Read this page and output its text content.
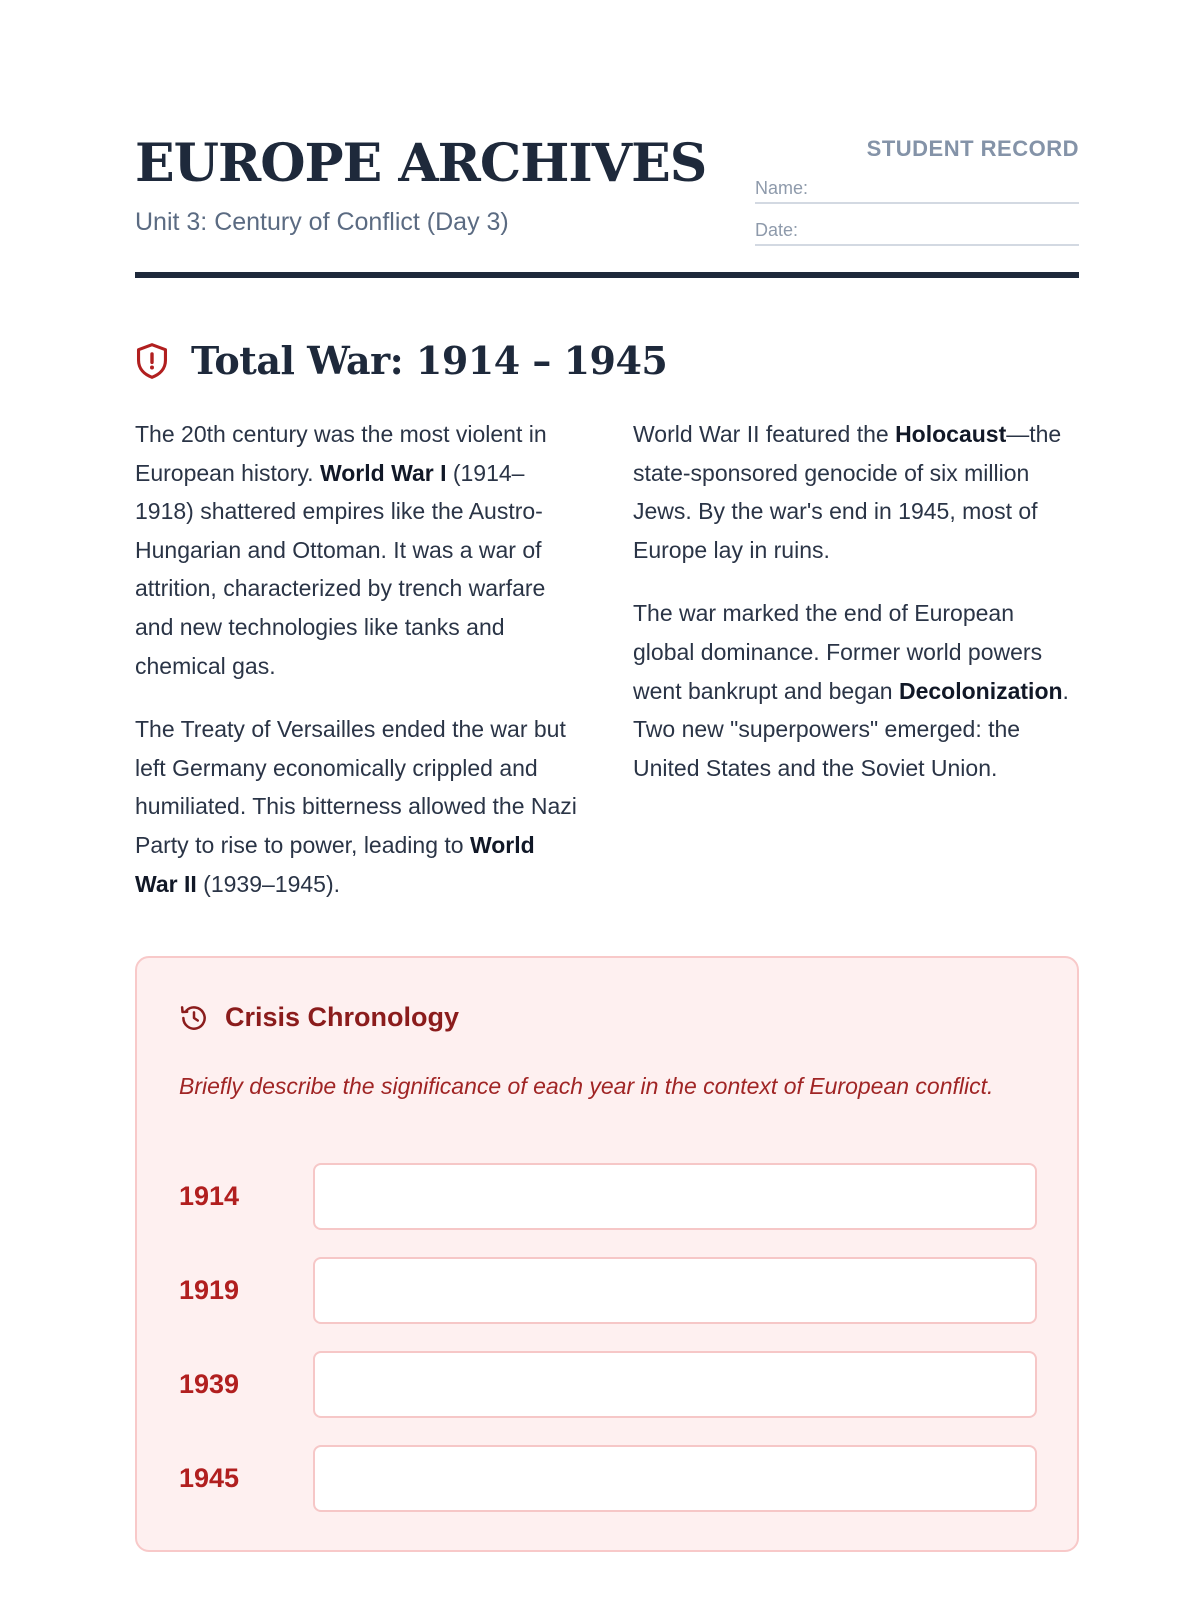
EUROPE ARCHIVES
Unit 3: Century of Conflict (Day 3)
STUDENT RECORD
Name:
Date:
Total War: 1914 – 1945

The 20th century was the most violent in European history. World War I (1914–1918) shattered empires like the Austro-Hungarian and Ottoman. It was a war of attrition, characterized by trench warfare and new technologies like tanks and chemical gas.

The Treaty of Versailles ended the war but left Germany economically crippled and humiliated. This bitterness allowed the Nazi Party to rise to power, leading to World War II (1939–1945).

World War II featured the Holocaust—the state-sponsored genocide of six million Jews. By the war's end in 1945, most of Europe lay in ruins.

The war marked the end of European global dominance. Former world powers went bankrupt and began Decolonization. Two new "superpowers" emerged: the United States and the Soviet Union.

Crisis Chronology
Briefly describe the significance of each year in the context of European conflict.
1914
1919
1939
1945
